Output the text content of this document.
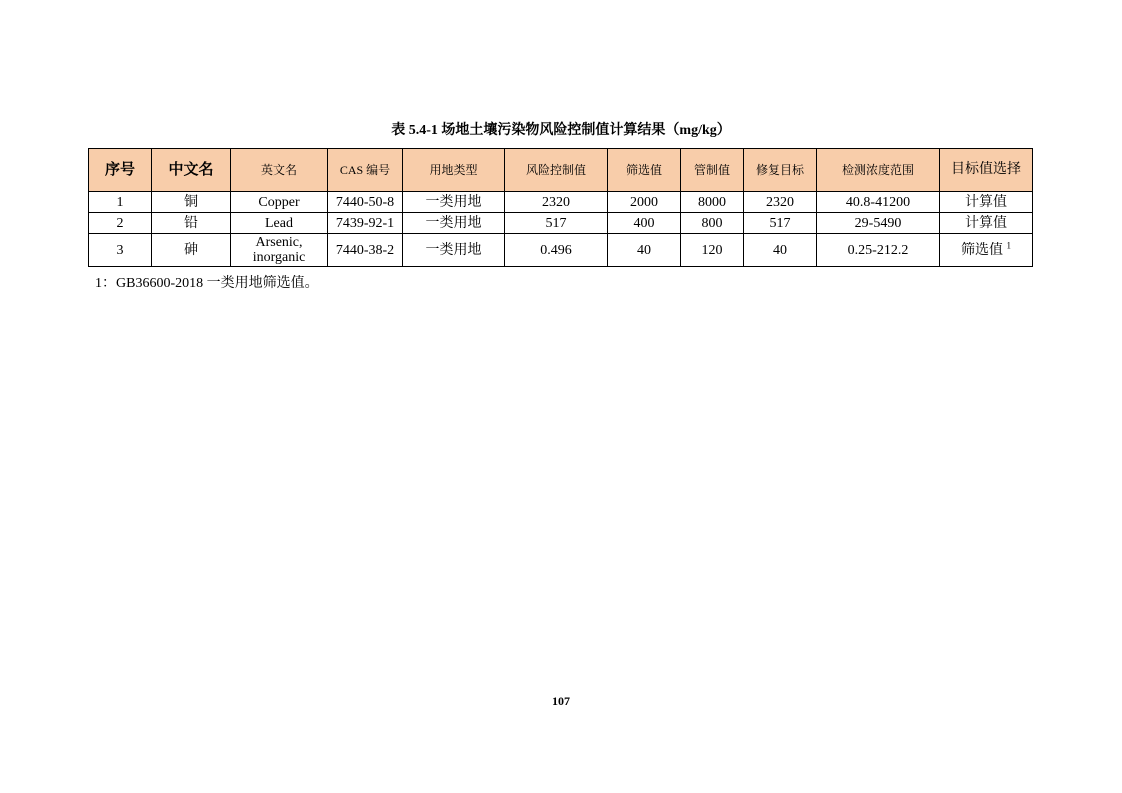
表 5.4-1 场地土壤污染物风险控制值计算结果（mg/kg）
序号	中文名	英文名	CAS 编号	用地类型	风险控制值	筛选值	管制值	修复目标	检测浓度范围	目标值选择
1	铜	Copper	7440-50-8	一类用地	2320	2000	8000	2320	40.8-41200	计算值
2	铅	Lead	7439-92-1	一类用地	517	400	800	517	29-5490	计算值
3	砷	Arsenic, inorganic	7440-38-2	一类用地	0.496	40	120	40	0.25-212.2	筛选值 $^1$
1：GB36600-2018 一类用地筛选值。
107
